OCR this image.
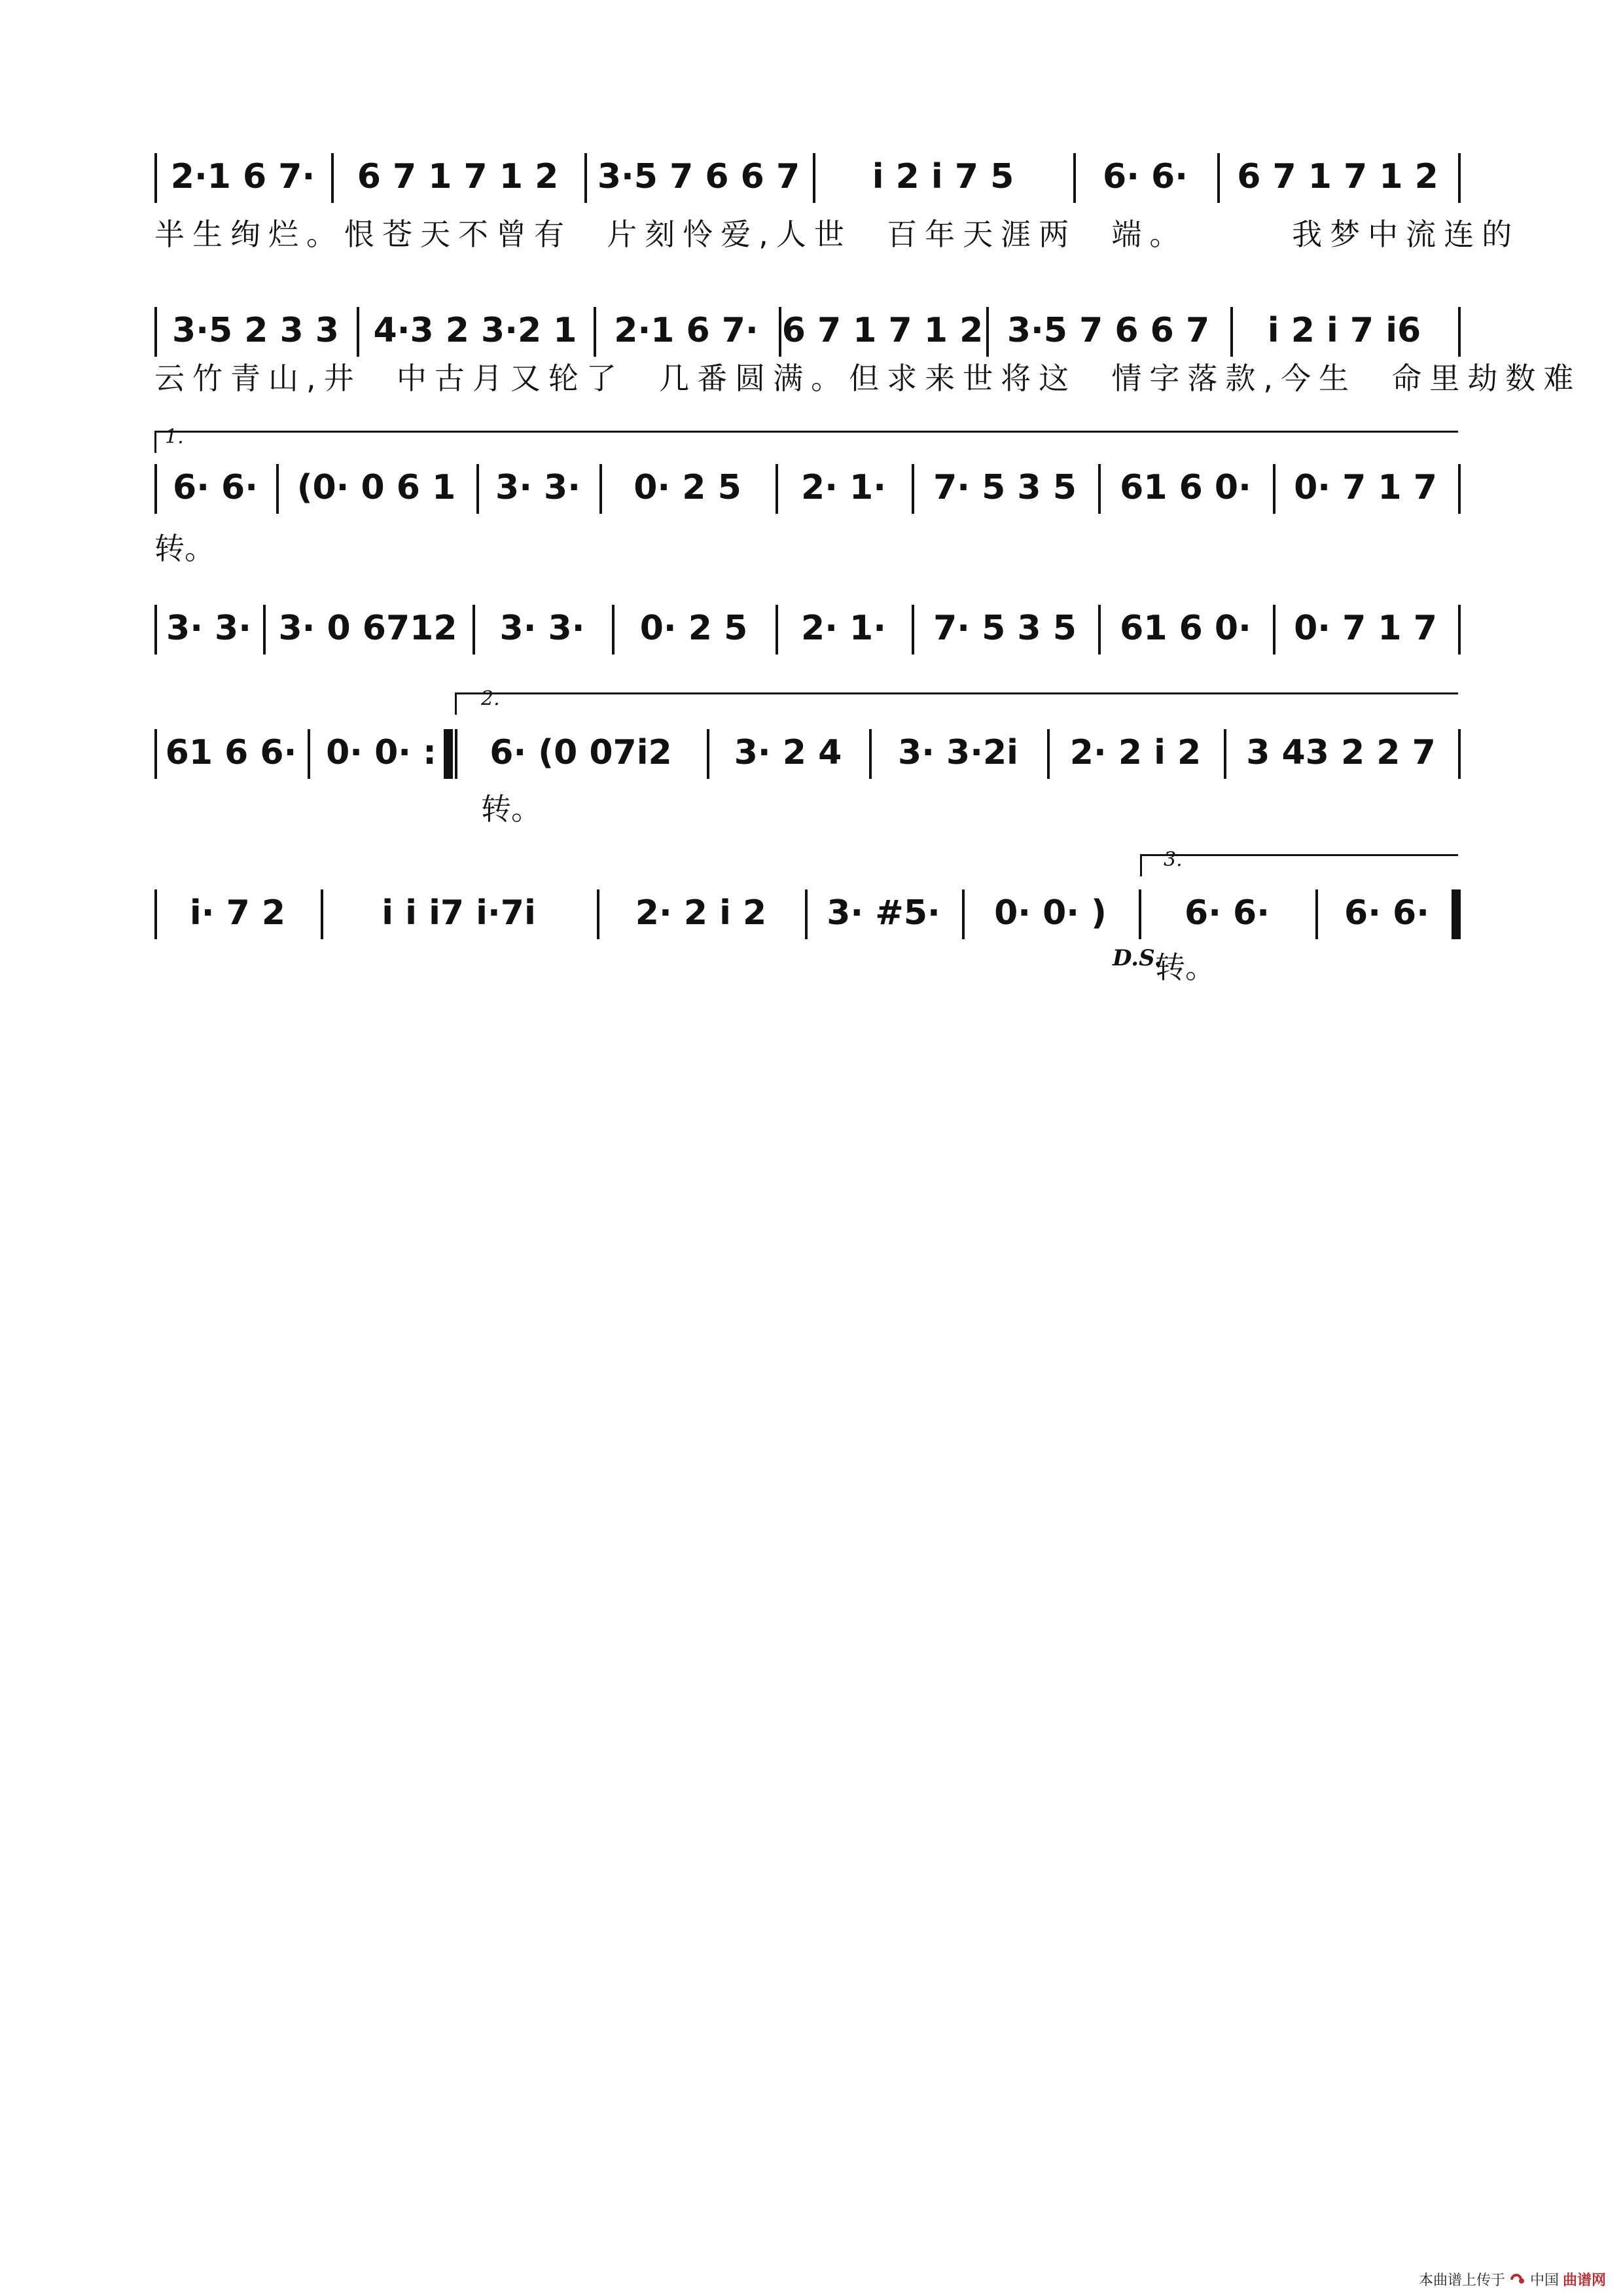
2·1 6 7· 6 7 1 7 1 2 3·5 7 6 6 7 i 2 i 7 5	6· 6· 6 7 1 7 1 2
半生绚烂。恨苍天不曾有  片刻怜爱,人世  百年天涯两  端。      我梦中流连的
3·5 2 3 3 4·3 2 3·2 1 2·1 6 7· 6 7 1 7 1 2 3·5 7 6 6 7 i 2 i 7 i6
云竹青山,井  中古月又轮了  几番圆满。但求来世将这  情字落款,今生  命里劫数难
1.
6· 6· (0· 0 6 1 3· 3· 0· 2 5 2· 1· 7· 5 3 5 61 6 0· 0· 7 1 7
转。
3· 3· 3· 0 6712 3· 3· 0· 2 5 2· 1· 7· 5 3 5 61 6 0· 0· 7 1 7
2.
61 6 6· 0· 0· : 6· (0 07i2 3· 2 4 3· 3·2i 2· 2 i 2 3 43 2 2 7
转。
3.
i· 7 2	i i i7 i·7i	2· 2 i 2 3· #5· 0· 0· ) 6· 6· 6· 6·
转。
D.S.
本曲谱上传于 中国 曲谱网
